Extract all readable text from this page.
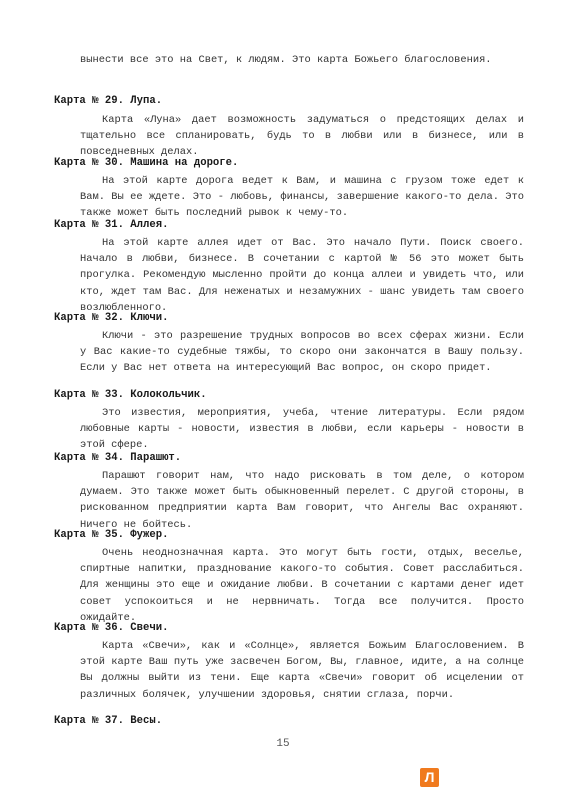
вынести все это на Свет, к людям. Это карта Божьего благословения.

Карта № 29. Лупа.

Карта «Луна» дает возможность задуматься о предстоящих делах и тщательно все спланировать, будь то в любви или в бизнесе, или в повседневных делах.

Карта № 30. Машина на дороге.

На этой карте дорога ведет к Вам, и машина с грузом тоже едет к Вам. Вы ее ждете. Это - любовь, финансы, завершение какого-то дела. Это также может быть последний рывок к чему-то.

Карта № 31. Аллея.

На этой карте аллея идет от Вас. Это начало Пути. Поиск своего. Начало в любви, бизнесе. В сочетании с картой № 56 это может быть прогулка. Рекомендую мысленно пройти до конца аллеи и увидеть что, или кто, ждет там Вас. Для неженатых и незамужних - шанс увидеть там своего возлюбленного.

Карта № 32. Ключи.

Ключи - это разрешение трудных вопросов во всех сферах жизни. Если у Вас какие-то судебные тяжбы, то скоро они закончатся в Вашу пользу. Если у Вас нет ответа на интересующий Вас вопрос, он скоро придет.

Карта № 33. Колокольчик.

Это известия, мероприятия, учеба, чтение литературы. Если рядом любовные карты - новости, известия в любви, если карьеры - новости в этой сфере.

Карта № 34. Парашют.

Парашют говорит нам, что надо рисковать в том деле, о котором думаем. Это также может быть обыкновенный перелет. С другой стороны, в рискованном предприятии карта Вам говорит, что Ангелы Вас охраняют. Ничего не бойтесь.

Карта № 35. Фужер.

Очень неоднозначная карта. Это могут быть гости, отдых, веселье, спиртные напитки, празднование какого-то события. Совет расслабиться. Для женщины это еще и ожидание любви. В сочетании с картами денег идет совет успокоиться и не нервничать. Тогда все получится. Просто ожидайте.

Карта № 36. Свечи.

Карта «Свечи», как и «Солнце», является Божьим Благословением. В этой карте Ваш путь уже засвечен Богом, Вы, главное, идите, а на солнце Вы должны выйти из тени. Еще карта «Свечи» говорит об исцелении от различных болячек, улучшении здоровья, снятии сглаза, порчи.

Карта № 37. Весы.
15
Л
